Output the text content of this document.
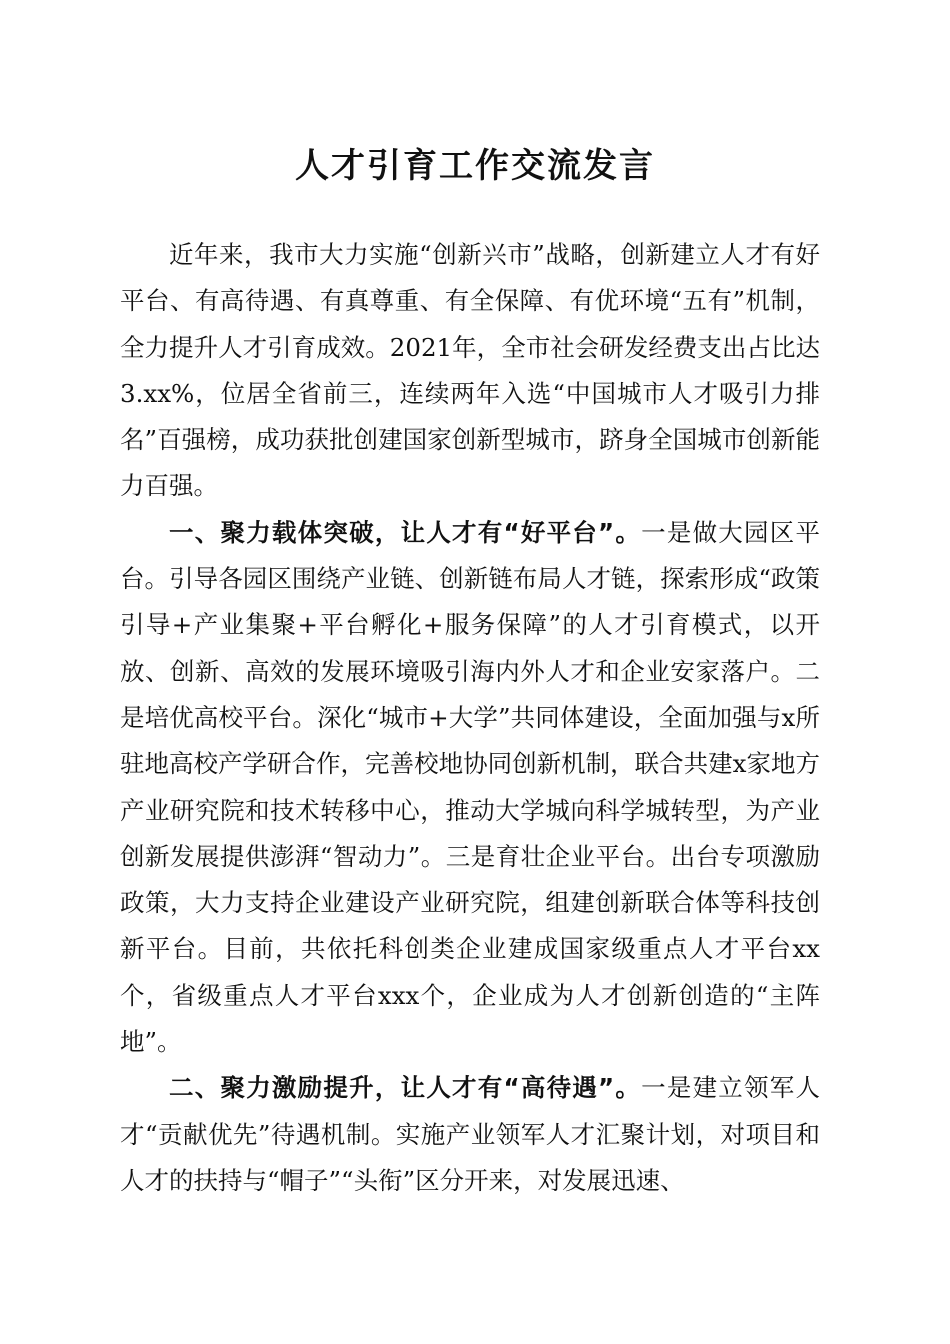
人才引育工作交流发言

近年来，我市大力实施“创新兴市”战略，创新建立人才有好平台、有高待遇、有真尊重、有全保障、有优环境“五有”机制，全力提升人才引育成效。2021年，全市社会研发经费支出占比达3.xx%，位居全省前三，连续两年入选“中国城市人才吸引力排名”百强榜，成功获批创建国家创新型城市，跻身全国城市创新能力百强。

一、聚力载体突破，让人才有“好平台”。一是做大园区平台。引导各园区围绕产业链、创新链布局人才链，探索形成“政策引导+产业集聚+平台孵化+服务保障”的人才引育模式，以开放、创新、高效的发展环境吸引海内外人才和企业安家落户。二是培优高校平台。深化“城市+大学”共同体建设，全面加强与x所驻地高校产学研合作，完善校地协同创新机制，联合共建x家地方产业研究院和技术转移中心，推动大学城向科学城转型，为产业创新发展提供澎湃“智动力”。三是育壮企业平台。出台专项激励政策，大力支持企业建设产业研究院，组建创新联合体等科技创新平台。目前，共依托科创类企业建成国家级重点人才平台xx个，省级重点人才平台xxx个，企业成为人才创新创造的“主阵地”。

二、聚力激励提升，让人才有“高待遇”。一是建立领军人才“贡献优先”待遇机制。实施产业领军人才汇聚计划，对项目和人才的扶持与“帽子”“头衔”区分开来，对发展迅速、
